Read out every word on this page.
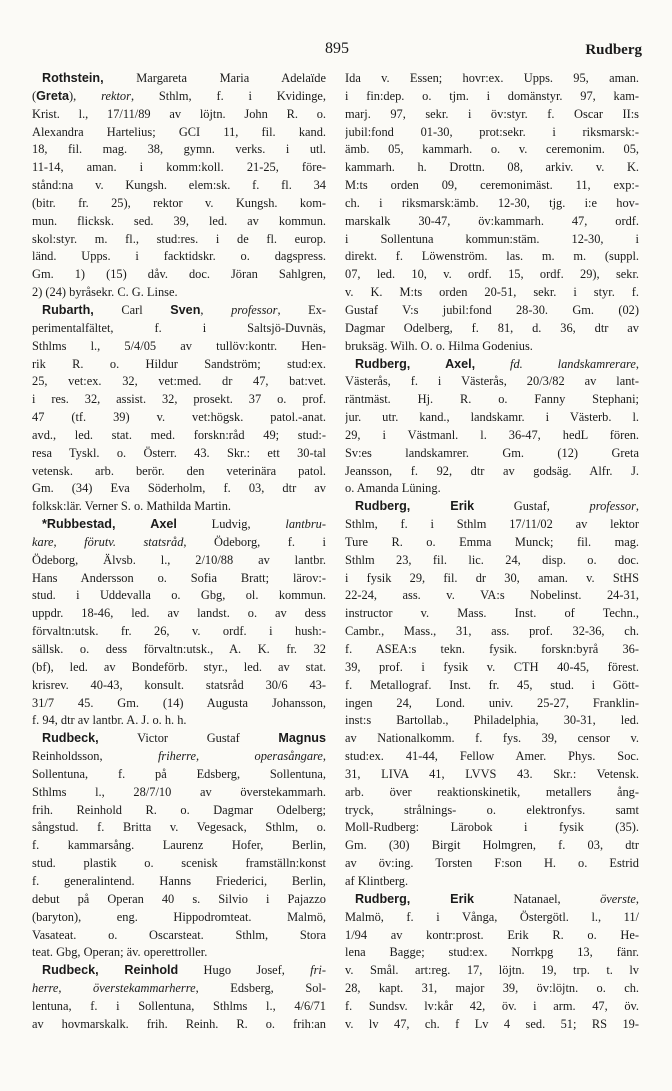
895	Rudberg
Rothstein, Margareta Maria Adelaïde
(Greta), rektor, Sthlm, f. i Kvidinge,
Krist. l., 17/11/89 av löjtn. John R. o.
Alexandra Hartelius; GCI 11, fil. kand.
18, fil. mag. 38, gymn. verks. i utl.
11-14, aman. i komm:koll. 21-25, före-
stånd:na v. Kungsh. elem:sk. f. fl. 34
(bitr. fr. 25), rektor v. Kungsh. kom-
mun. flicksk. sed. 39, led. av kommun.
skol:styr. m. fl., stud:res. i de fl. europ.
länd. Upps. i facktidskr. o. dagspress.
Gm. 1) (15) dåv. doc. Jöran Sahlgren,
2) (24) byråsekr. C. G. Linse.
Rubarth, Carl Sven, professor, Ex-
perimentalfältet, f. i Saltsjö-Duvnäs,
Sthlms l., 5/4/05 av tullöv:kontr. Hen-
rik R. o. Hildur Sandström; stud:ex.
25, vet:ex. 32, vet:med. dr 47, bat:vet.
i res. 32, assist. 32, prosekt. 37 o. prof.
47 (tf. 39) v. vet:högsk. patol.-anat.
avd., led. stat. med. forskn:råd 49; stud:-
resa Tyskl. o. Österr. 43. Skr.: ett 30-tal
vetensk. arb. berör. den veterinära patol.
Gm. (34) Eva Söderholm, f. 03, dtr av
folksk:lär. Verner S. o. Mathilda Martin.
*Rubbestad, Axel Ludvig, lantbru-
kare, förutv. statsråd, Ödeborg, f. i
Ödeborg, Älvsb. l., 2/10/88 av lantbr.
Hans Andersson o. Sofia Bratt; lärov:-
stud. i Uddevalla o. Gbg, ol. kommun.
uppdr. 18-46, led. av landst. o. av dess
förvaltn:utsk. fr. 26, v. ordf. i hush:-
sällsk. o. dess förvaltn:utsk., A. K. fr. 32
(bf), led. av Bondeförb. styr., led. av stat.
krisrev. 40-43, konsult. statsråd 30/6 43-
31/7 45. Gm. (14) Augusta Johansson,
f. 94, dtr av lantbr. A. J. o. h. h.
Rudbeck, Victor Gustaf Magnus
Reinholdsson, friherre, operasångare,
Sollentuna, f. på Edsberg, Sollentuna,
Sthlms l., 28/7/10 av överstekammarh.
frih. Reinhold R. o. Dagmar Odelberg;
sångstud. f. Britta v. Vegesack, Sthlm, o.
f. kammarsång. Laurenz Hofer, Berlin,
stud. plastik o. scenisk framställn:konst
f. generalintend. Hanns Friederici, Berlin,
debut på Operan 40 s. Silvio i Pajazzo
(baryton), eng. Hippodromteat. Malmö,
Vasateat. o. Oscarsteat. Sthlm, Stora
teat. Gbg, Operan; äv. operettroller.
Rudbeck, Reinhold Hugo Josef, fri-
herre, överstekammarherre, Edsberg, Sol-
lentuna, f. i Sollentuna, Sthlms l., 4/6/71
av hovmarskalk. frih. Reinh. R. o. frih:an
Ida v. Essen; hovr:ex. Upps. 95, aman.
i fin:dep. o. tjm. i domänstyr. 97, kam-
marj. 97, sekr. i öv:styr. f. Oscar II:s
jubil:fond 01-30, prot:sekr. i riksmarsk:-
ämb. 05, kammarh. o. v. ceremonim. 05,
kammarh. h. Drottn. 08, arkiv. v. K.
M:ts orden 09, ceremonimäst. 11, exp:-
ch. i riksmarsk:ämb. 12-30, tjg. i:e hov-
marskalk 30-47, öv:kammarh. 47, ordf.
i Sollentuna kommun:stäm. 12-30, i
direkt. f. Löwenström. las. m. m. (suppl.
07, led. 10, v. ordf. 15, ordf. 29), sekr.
v. K. M:ts orden 20-51, sekr. i styr. f.
Gustaf V:s jubil:fond 28-30. Gm. (02)
Dagmar Odelberg, f. 81, d. 36, dtr av
bruksäg. Wilh. O. o. Hilma Godenius.
Rudberg, Axel,	fd. landskamrerare,
Västerås, f. i Västerås, 20/3/82 av lant-
räntmäst. Hj. R. o. Fanny Stephani;
jur. utr. kand., landskamr. i Västerb. l.
29, i Västmanl. l. 36-47, hedL fören.
Sv:es landskamrer. Gm. (12) Greta
Jeansson, f. 92, dtr av godsäg. Alfr. J.
o. Amanda Lüning.
Rudberg, Erik Gustaf, professor,
Sthlm, f. i Sthlm 17/11/02 av lektor
Ture R. o. Emma Munck; fil. mag.
Sthlm 23, fil. lic. 24, disp. o. doc.
i fysik 29, fil. dr 30, aman. v. StHS
22-24, ass. v. VA:s Nobelinst. 24-31,
instructor v. Mass. Inst. of Techn.,
Cambr., Mass., 31, ass. prof. 32-36, ch.
f. ASEA:s tekn. fysik. forskn:byrå 36-
39, prof. i fysik v. CTH 40-45, förest.
f. Metallograf. Inst. fr. 45, stud. i Gött-
ingen 24, Lond. univ. 25-27, Franklin-
inst:s Bartollab., Philadelphia, 30-31, led.
av Nationalkomm. f. fys. 39, censor v.
stud:ex. 41-44, Fellow Amer. Phys. Soc.
31, LIVA 41, LVVS 43. Skr.: Vetensk.
arb. över reaktionskinetik, metallers ång-
tryck, strålnings- o. elektronfys. samt
Moll-Rudberg: Lärobok i fysik (35).
Gm. (30) Birgit Holmgren, f. 03, dtr
av öv:ing. Torsten F:son H. o. Estrid
af Klintberg.
Rudberg, Erik Natanael, överste,
Malmö, f. i Vånga, Östergötl. l., 11/
1/94 av kontr:prost. Erik R. o. He-
lena Bagge; stud:ex. Norrkpg 13, fänr.
v. Smål. art:reg. 17, löjtn. 19, trp. t. lv
28, kapt. 31, major 39, öv:löjtn. o. ch.
f. Sundsv. lv:kår 42, öv. i arm. 47, öv.
v. lv 47, ch. f Lv 4 sed. 51; RS 19-
